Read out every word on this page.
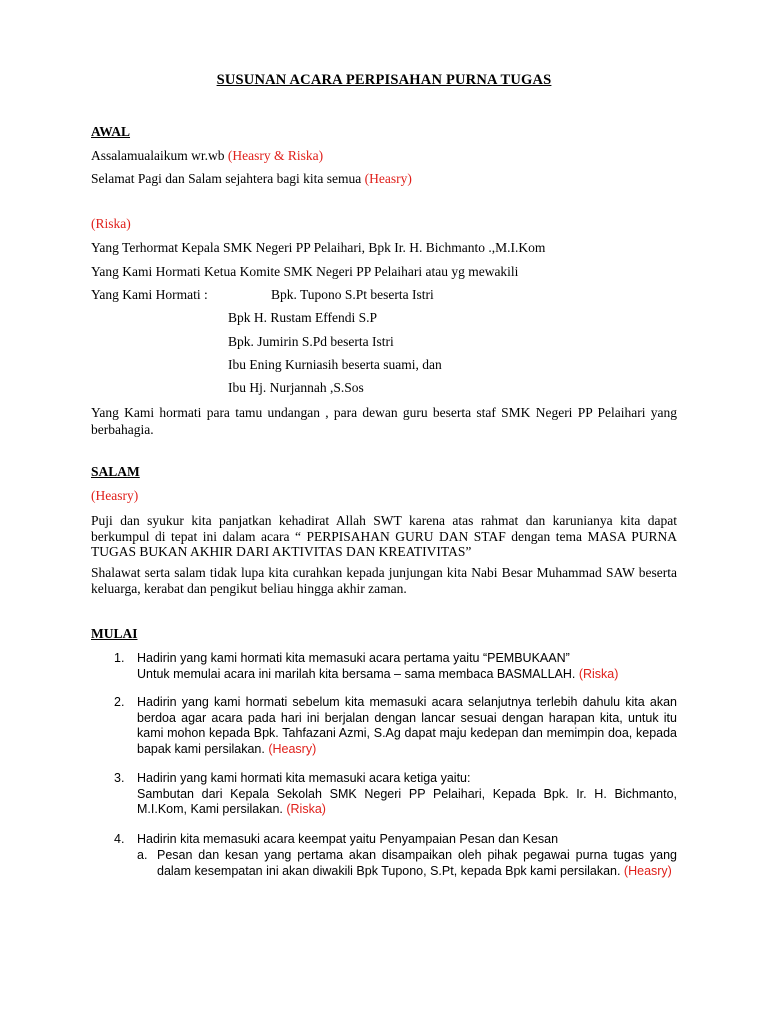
SUSUNAN ACARA PERPISAHAN PURNA TUGAS
AWAL
Assalamualaikum wr.wb (Heasry & Riska)
Selamat Pagi dan Salam sejahtera bagi kita semua (Heasry)
(Riska)
Yang Terhormat Kepala SMK Negeri PP Pelaihari, Bpk Ir. H. Bichmanto .,M.I.Kom
Yang Kami Hormati Ketua Komite SMK Negeri PP Pelaihari atau yg mewakili
Yang Kami Hormati :	Bpk. Tupono S.Pt beserta Istri
Bpk H. Rustam Effendi S.P
Bpk. Jumirin S.Pd beserta Istri
Ibu Ening Kurniasih beserta suami, dan
Ibu Hj. Nurjannah ,S.Sos
Yang Kami hormati para tamu undangan , para dewan guru beserta staf SMK Negeri PP Pelaihari yang berbahagia.
SALAM
(Heasry)
Puji dan syukur kita panjatkan kehadirat Allah SWT karena atas rahmat dan karunianya kita dapat berkumpul di tepat ini dalam acara “ PERPISAHAN GURU DAN STAF dengan tema MASA PURNA TUGAS BUKAN AKHIR DARI AKTIVITAS DAN KREATIVITAS”
Shalawat serta salam tidak lupa kita curahkan kepada junjungan kita Nabi Besar Muhammad SAW beserta keluarga, kerabat dan pengikut beliau hingga akhir zaman.
MULAI
1. Hadirin yang kami hormati kita memasuki acara pertama yaitu “PEMBUKAAN”
Untuk memulai acara ini marilah kita bersama – sama membaca BASMALLAH. (Riska)
2. Hadirin yang kami hormati sebelum kita memasuki acara selanjutnya terlebih dahulu kita akan berdoa agar acara pada hari ini berjalan dengan lancar sesuai dengan harapan kita, untuk itu kami mohon kepada Bpk. Tahfazani Azmi, S.Ag dapat maju kedepan dan memimpin doa, kepada bapak kami persilakan. (Heasry)
3. Hadirin yang kami hormati kita memasuki acara ketiga yaitu:
Sambutan dari Kepala Sekolah SMK Negeri PP Pelaihari, Kepada Bpk. Ir. H. Bichmanto, M.I.Kom, Kami persilakan. (Riska)
4. Hadirin kita memasuki acara keempat yaitu Penyampaian Pesan dan Kesan
a. Pesan dan kesan yang pertama akan disampaikan oleh pihak pegawai purna tugas yang dalam kesempatan ini akan diwakili Bpk Tupono, S.Pt, kepada Bpk kami persilakan. (Heasry)
